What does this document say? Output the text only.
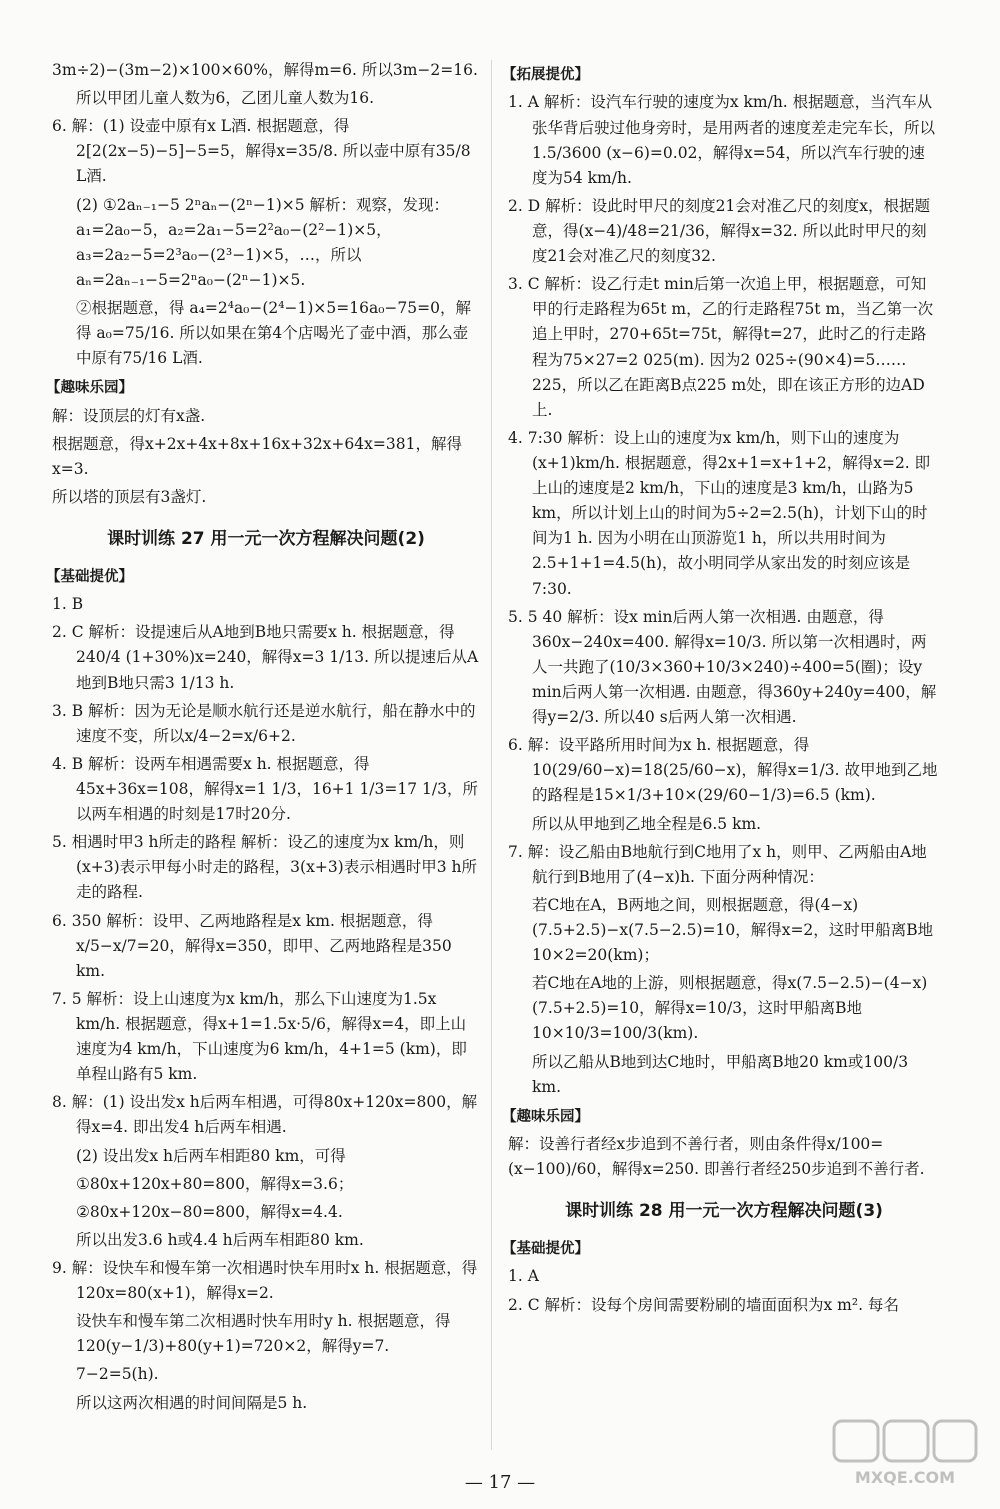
3m÷2)−(3m−2)×100×60%，解得m=6. 所以3m−2=16.

所以甲团儿童人数为6，乙团儿童人数为16.

6. 解：(1) 设壶中原有x L酒. 根据题意，得2[2(2x−5)−5]−5=5，解得x=35/8. 所以壶中原有35/8 L酒.

(2) ①2aₙ₋₁−5 2ⁿaₙ−(2ⁿ−1)×5 解析：观察，发现：a₁=2a₀−5，a₂=2a₁−5=2²a₀−(2²−1)×5，a₃=2a₂−5=2³a₀−(2³−1)×5，…，所以 aₙ=2aₙ₋₁−5=2ⁿa₀−(2ⁿ−1)×5.

②根据题意，得 a₄=2⁴a₀−(2⁴−1)×5=16a₀−75=0，解得 a₀=75/16. 所以如果在第4个店喝光了壶中酒，那么壶中原有75/16 L酒.

【趣味乐园】

解：设顶层的灯有x盏.

根据题意，得x+2x+4x+8x+16x+32x+64x=381，解得x=3.

所以塔的顶层有3盏灯.

课时训练 27 用一元一次方程解决问题(2)
【基础提优】

1. B

2. C 解析：设提速后从A地到B地只需要x h. 根据题意，得240/4 (1+30%)x=240，解得x=3 1/13. 所以提速后从A地到B地只需3 1/13 h.

3. B 解析：因为无论是顺水航行还是逆水航行，船在静水中的速度不变，所以x/4−2=x/6+2.

4. B 解析：设两车相遇需要x h. 根据题意，得45x+36x=108，解得x=1 1/3，16+1 1/3=17 1/3，所以两车相遇的时刻是17时20分.

5. 相遇时甲3 h所走的路程 解析：设乙的速度为x km/h，则(x+3)表示甲每小时走的路程，3(x+3)表示相遇时甲3 h所走的路程.

6. 350 解析：设甲、乙两地路程是x km. 根据题意，得x/5−x/7=20，解得x=350，即甲、乙两地路程是350 km.

7. 5 解析：设上山速度为x km/h，那么下山速度为1.5x km/h. 根据题意，得x+1=1.5x·5/6，解得x=4，即上山速度为4 km/h，下山速度为6 km/h，4+1=5 (km)，即单程山路有5 km.

8. 解：(1) 设出发x h后两车相遇，可得80x+120x=800，解得x=4. 即出发4 h后两车相遇.

(2) 设出发x h后两车相距80 km，可得

①80x+120x+80=800，解得x=3.6；

②80x+120x−80=800，解得x=4.4.

所以出发3.6 h或4.4 h后两车相距80 km.

9. 解：设快车和慢车第一次相遇时快车用时x h. 根据题意，得120x=80(x+1)，解得x=2.

设快车和慢车第二次相遇时快车用时y h. 根据题意，得120(y−1/3)+80(y+1)=720×2，解得y=7.

7−2=5(h).

所以这两次相遇的时间间隔是5 h.

【拓展提优】

1. A 解析：设汽车行驶的速度为x km/h. 根据题意，当汽车从张华背后驶过他身旁时，是用两者的速度差走完车长，所以1.5/3600 (x−6)=0.02，解得x=54，所以汽车行驶的速度为54 km/h.

2. D 解析：设此时甲尺的刻度21会对准乙尺的刻度x，根据题意，得(x−4)/48=21/36，解得x=32. 所以此时甲尺的刻度21会对准乙尺的刻度32.

3. C 解析：设乙行走t min后第一次追上甲，根据题意，可知甲的行走路程为65t m，乙的行走路程75t m，当乙第一次追上甲时，270+65t=75t，解得t=27，此时乙的行走路程为75×27=2 025(m). 因为2 025÷(90×4)=5……225，所以乙在距离B点225 m处，即在该正方形的边AD上.

4. 7:30 解析：设上山的速度为x km/h，则下山的速度为(x+1)km/h. 根据题意，得2x+1=x+1+2，解得x=2. 即上山的速度是2 km/h，下山的速度是3 km/h，山路为5 km，所以计划上山的时间为5÷2=2.5(h)，计划下山的时间为1 h. 因为小明在山顶游览1 h，所以共用时间为2.5+1+1=4.5(h)，故小明同学从家出发的时刻应该是7:30.

5. 5 40 解析：设x min后两人第一次相遇. 由题意，得360x−240x=400. 解得x=10/3. 所以第一次相遇时，两人一共跑了(10/3×360+10/3×240)÷400=5(圈)；设y min后两人第一次相遇. 由题意，得360y+240y=400，解得y=2/3. 所以40 s后两人第一次相遇.

6. 解：设平路所用时间为x h. 根据题意，得10(29/60−x)=18(25/60−x)，解得x=1/3. 故甲地到乙地的路程是15×1/3+10×(29/60−1/3)=6.5 (km).

所以从甲地到乙地全程是6.5 km.

7. 解：设乙船由B地航行到C地用了x h，则甲、乙两船由A地航行到B地用了(4−x)h. 下面分两种情况：

若C地在A，B两地之间，则根据题意，得(4−x)(7.5+2.5)−x(7.5−2.5)=10，解得x=2，这时甲船离B地10×2=20(km)；

若C地在A地的上游，则根据题意，得x(7.5−2.5)−(4−x)(7.5+2.5)=10，解得x=10/3，这时甲船离B地10×10/3=100/3(km).

所以乙船从B地到达C地时，甲船离B地20 km或100/3 km.

【趣味乐园】

解：设善行者经x步追到不善行者，则由条件得x/100=(x−100)/60，解得x=250. 即善行者经250步追到不善行者.

课时训练 28 用一元一次方程解决问题(3)
【基础提优】

1. A

2. C 解析：设每个房间需要粉刷的墙面面积为x m². 每名

— 17 —	MXQE.COM
